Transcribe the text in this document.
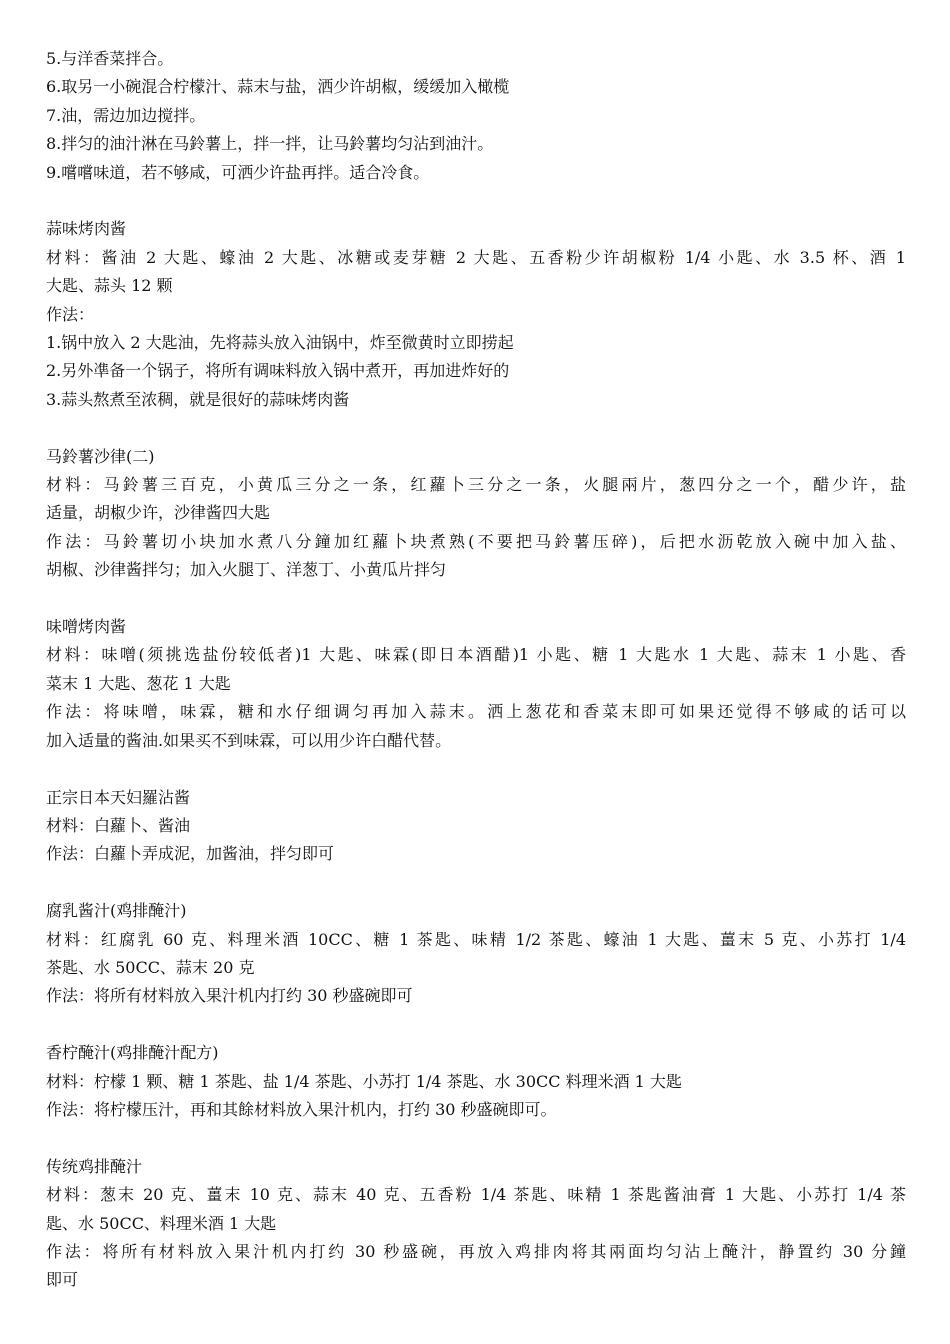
5.与洋香菜拌合。
6.取另一小碗混合柠檬汁、蒜末与盐，洒少许胡椒，缓缓加入橄榄
7.油，需边加边搅拌。
8.拌匀的油汁淋在马鈴薯上，拌一拌，让马鈴薯均匀沾到油汁。
9.嚐嚐味道，若不够咸，可洒少许盐再拌。适合冷食。
蒜味烤肉酱
材料：酱油 2 大匙、蠔油 2 大匙、冰糖或麦芽糖 2 大匙、五香粉少许胡椒粉 1/4 小匙、水 3.5 杯、酒 1
大匙、蒜头 12 颗
作法：
1.锅中放入 2 大匙油，先将蒜头放入油锅中，炸至微黄时立即捞起
2.另外凖备一个锅子，将所有调味料放入锅中煮开，再加进炸好的
3.蒜头熬煮至浓稠，就是很好的蒜味烤肉酱
马鈴薯沙律(二)
材料：马鈴薯三百克，小黄瓜三分之一条，红蘿卜三分之一条，火腿兩片，葱四分之一个，醋少许，盐
适量，胡椒少许，沙律酱四大匙
作法：马鈴薯切小块加水煮八分鐘加红蘿卜块煮熟(不要把马鈴薯压碎)，后把水沥乾放入碗中加入盐、
胡椒、沙律酱拌匀；加入火腿丁、洋葱丁、小黄瓜片拌匀
味噌烤肉酱
材料：味噌(须挑选盐份较低者)1 大匙、味霖(即日本酒醋)1 小匙、糖 1 大匙水 1 大匙、蒜末 1 小匙、香
菜末 1 大匙、葱花 1 大匙
作法：将味噌，味霖，糖和水仔细调匀再加入蒜末。洒上葱花和香菜末即可如果还觉得不够咸的话可以
加入适量的酱油.如果买不到味霖，可以用少许白醋代替。
正宗日本天妇羅沾酱
材料：白蘿卜、酱油
作法：白蘿卜弄成泥，加酱油，拌匀即可
腐乳酱汁(鸡排醃汁)
材料：红腐乳 60 克、料理米酒 10CC、糖 1 茶匙、味精 1/2 茶匙、蠔油 1 大匙、薑末 5 克、小苏打 1/4
茶匙、水 50CC、蒜末 20 克
作法：将所有材料放入果汁机内打约 30 秒盛碗即可
香柠醃汁(鸡排醃汁配方)
材料：柠檬 1 颗、糖 1 茶匙、盐 1/4 茶匙、小苏打 1/4 茶匙、水 30CC 料理米酒 1 大匙
作法：将柠檬压汁，再和其餘材料放入果汁机内，打约 30 秒盛碗即可。
传统鸡排醃汁
材料：葱末 20 克、薑末 10 克、蒜末 40 克、五香粉 1/4 茶匙、味精 1 茶匙酱油膏 1 大匙、小苏打 1/4 茶
匙、水 50CC、料理米酒 1 大匙
作法：将所有材料放入果汁机内打约 30 秒盛碗，再放入鸡排肉将其兩面均匀沾上醃汁，静置约 30 分鐘
即可
